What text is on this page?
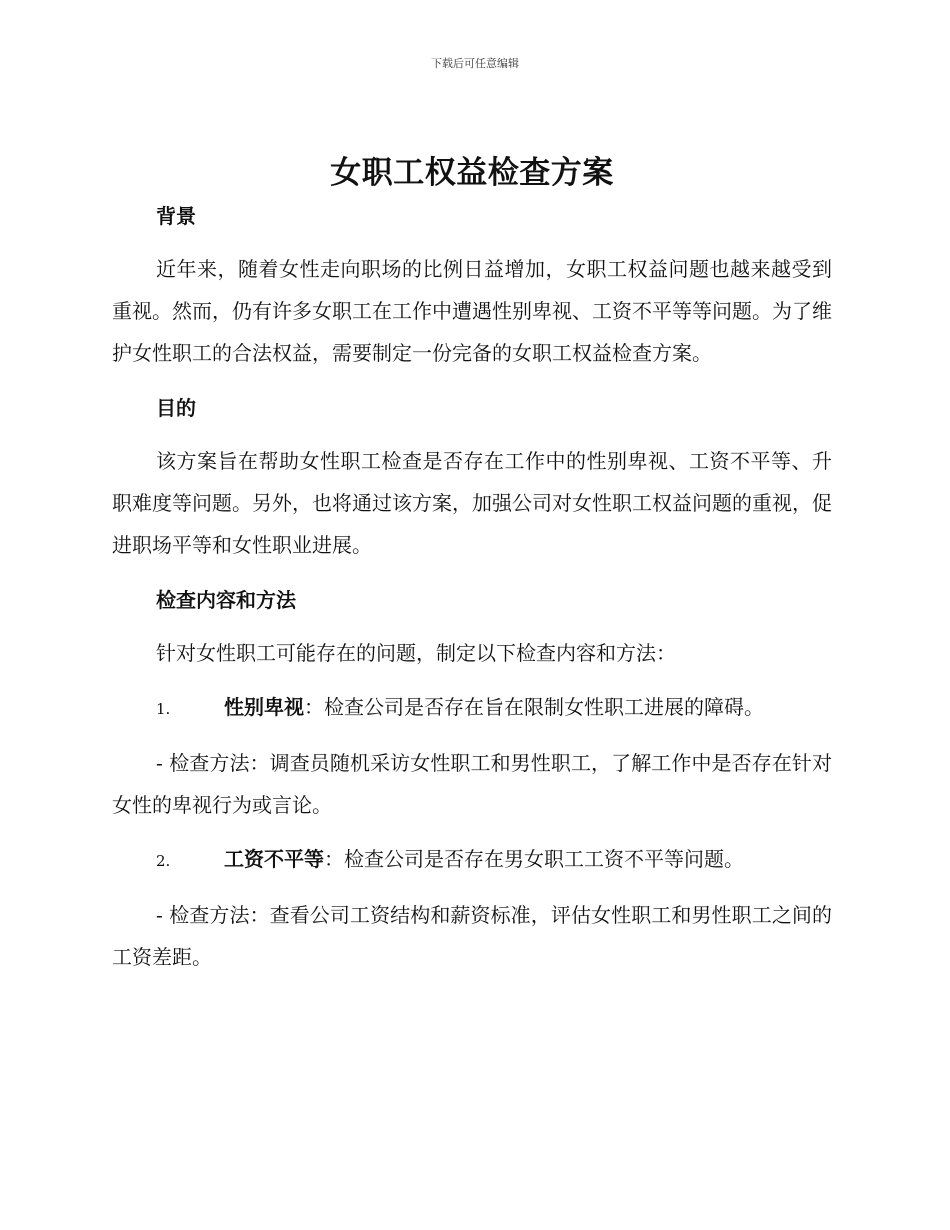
下载后可任意编辑
女职工权益检查方案
背景

近年来，随着女性走向职场的比例日益增加，女职工权益问题也越来越受到重视。然而，仍有许多女职工在工作中遭遇性别卑视、工资不平等等问题。为了维护女性职工的合法权益，需要制定一份完备的女职工权益检查方案。

目的

该方案旨在帮助女性职工检查是否存在工作中的性别卑视、工资不平等、升职难度等问题。另外，也将通过该方案，加强公司对女性职工权益问题的重视，促进职场平等和女性职业进展。

检查内容和方法

针对女性职工可能存在的问题，制定以下检查内容和方法：

1.	性别卑视：检查公司是否存在旨在限制女性职工进展的障碍。

- 检查方法：调查员随机采访女性职工和男性职工，了解工作中是否存在针对女性的卑视行为或言论。

2.	工资不平等：检查公司是否存在男女职工工资不平等问题。

- 检查方法：查看公司工资结构和薪资标准，评估女性职工和男性职工之间的工资差距。
